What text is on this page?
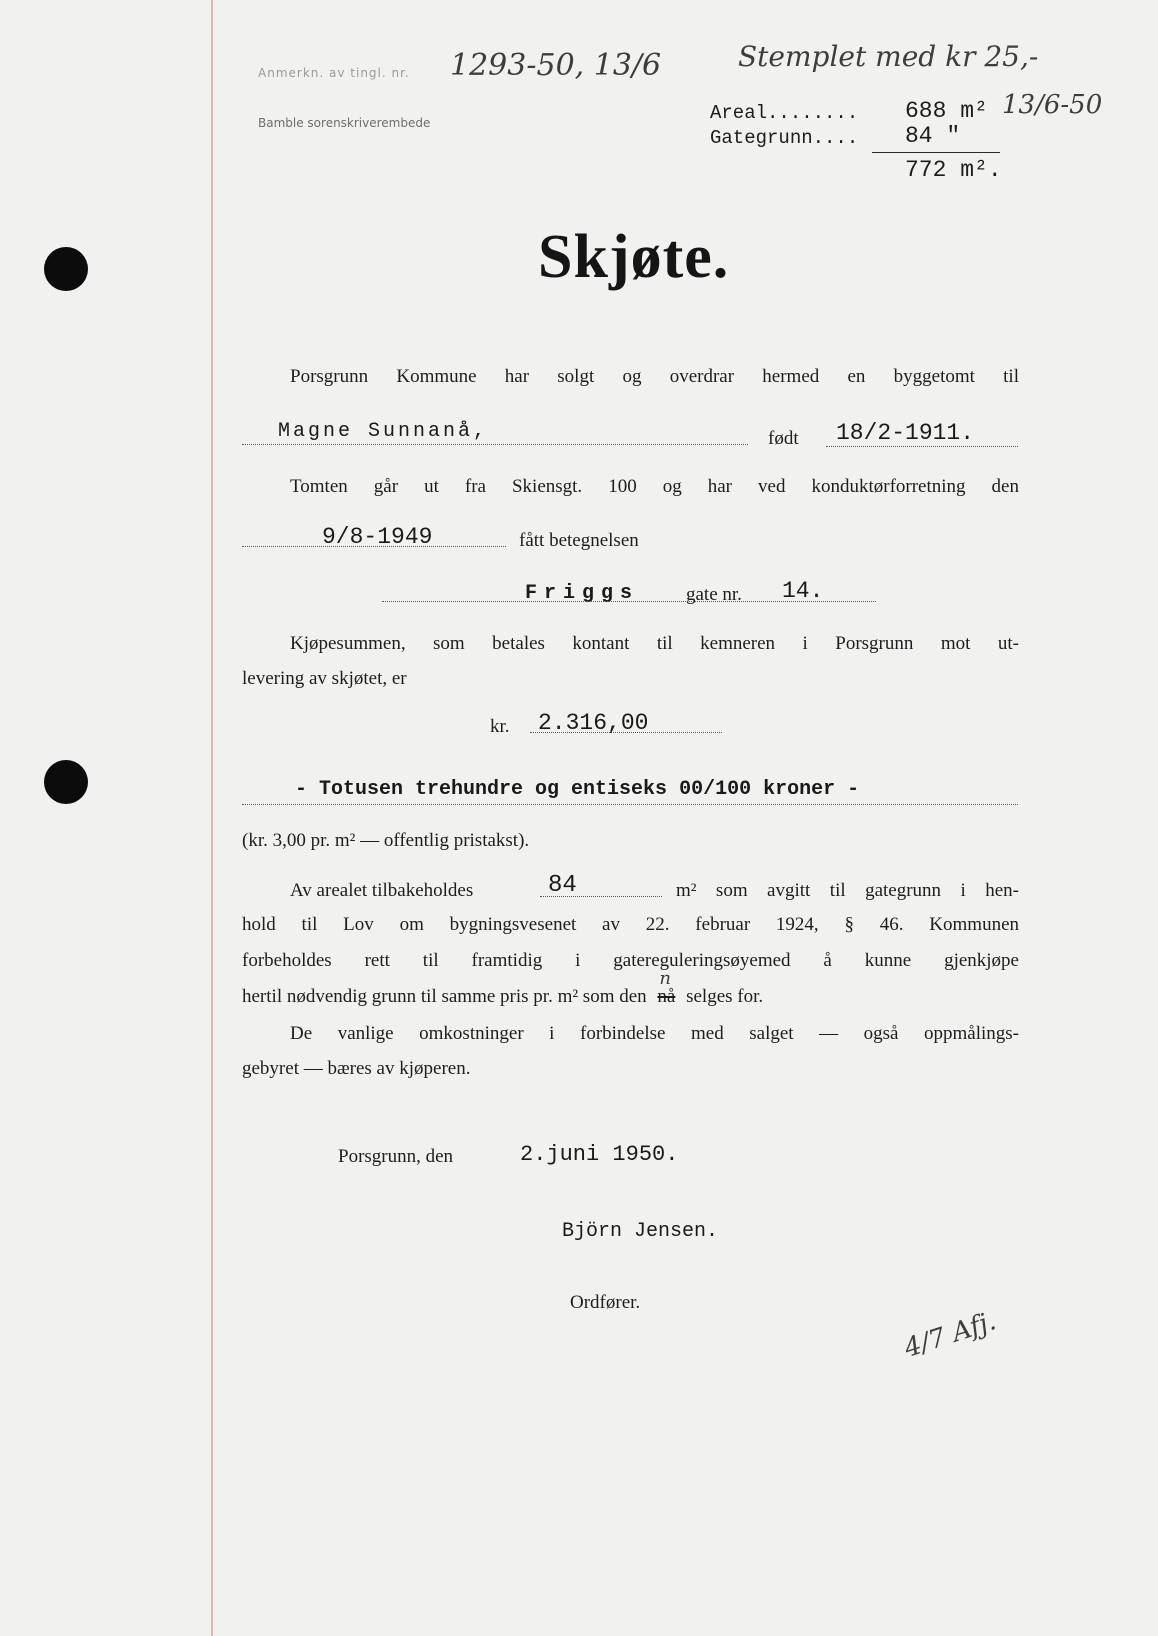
Anmerkn. av tingl. nr.
Bamble sorenskriverembede
1293-50, 13/6	Stemplet med kr 25,-
13/6-50
Areal........ 688 m²
Gategrunn.... 84 "
772 m².
Skjøte.
Porsgrunn Kommune har solgt og overdrar hermed en byggetomt til
Magne Sunnanå,	født 18/2-1911.
Tomten går ut fra Skiensgt. 100 og har ved konduktørforretning den
9/8-1949	fått betegnelsen
Friggs gate nr. 14.
Kjøpesummen, som betales kontant til kemneren i Porsgrunn mot ut-
levering av skjøtet, er
kr. 2.316,00
- Totusen trehundre og entiseks 00/100 kroner -
(kr. 3,00 pr. m² — offentlig pristakst).
Av arealet tilbakeholdes	84	m² som avgitt til gategrunn i hen-
hold til Lov om bygningsvesenet av 22. februar 1924, § 46. Kommunen
forbeholdes rett til framtidig i gatereguleringsøyemed å kunne gjenkjøpe
hertil nødvendig grunn til samme pris pr. m² som den nå
n
selges for.
De vanlige omkostninger i forbindelse med salget — også oppmålings-
gebyret — bæres av kjøperen.
Porsgrunn, den	2.juni 1950.
Björn Jensen.
Ordfører.
4/7 Afj.
